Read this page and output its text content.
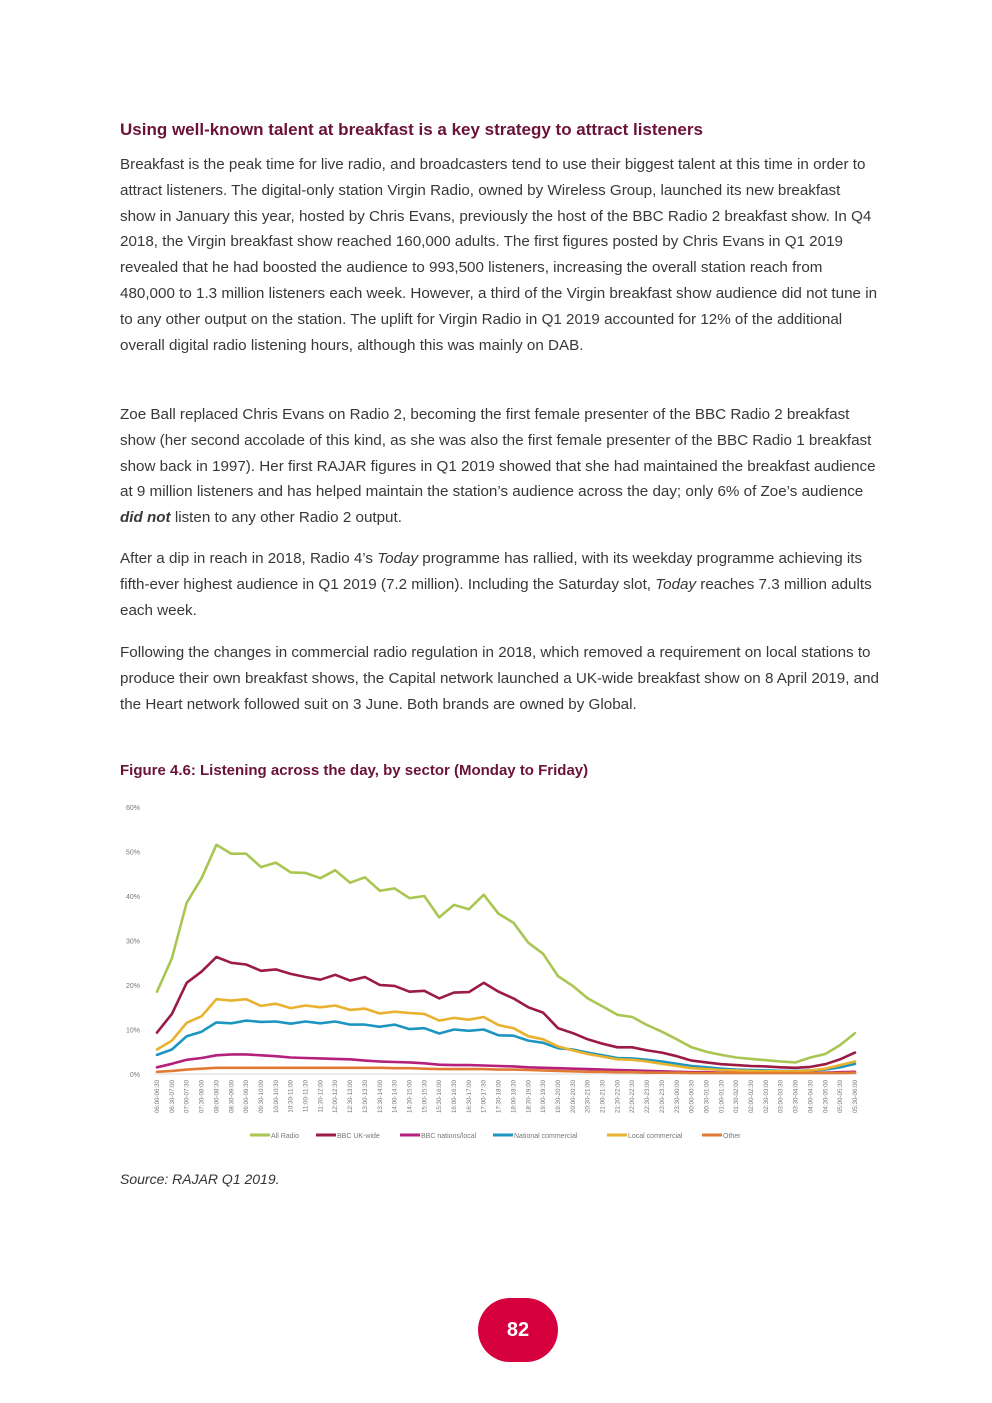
Using well-known talent at breakfast is a key strategy to attract listeners

Breakfast is the peak time for live radio, and broadcasters tend to use their biggest talent at this time in order to attract listeners. The digital-only station Virgin Radio, owned by Wireless Group, launched its new breakfast show in January this year, hosted by Chris Evans, previously the host of the BBC Radio 2 breakfast show. In Q4 2018, the Virgin breakfast show reached 160,000 adults. The first figures posted by Chris Evans in Q1 2019 revealed that he had boosted the audience to 993,500 listeners, increasing the overall station reach from 480,000 to 1.3 million listeners each week. However, a third of the Virgin breakfast show audience did not tune in to any other output on the station. The uplift for Virgin Radio in Q1 2019 accounted for 12% of the additional overall digital radio listening hours, although this was mainly on DAB.

Zoe Ball replaced Chris Evans on Radio 2, becoming the first female presenter of the BBC Radio 2 breakfast show (her second accolade of this kind, as she was also the first female presenter of the BBC Radio 1 breakfast show back in 1997). Her first RAJAR figures in Q1 2019 showed that she had maintained the breakfast audience at 9 million listeners and has helped maintain the station’s audience across the day; only 6% of Zoe’s audience did not listen to any other Radio 2 output.

After a dip in reach in 2018, Radio 4’s Today programme has rallied, with its weekday programme achieving its fifth-ever highest audience in Q1 2019 (7.2 million). Including the Saturday slot, Today reaches 7.3 million adults each week.

Following the changes in commercial radio regulation in 2018, which removed a requirement on local stations to produce their own breakfast shows, the Capital network launched a UK-wide breakfast show on 8 April 2019, and the Heart network followed suit on 3 June. Both brands are owned by Global.

Figure 4.6: Listening across the day, by sector (Monday to Friday)
0%
10%
20%
30%
40%
50%
60%
06:00-06:30 06:30-07:00 07:00-07:30 07:30-08:00 08:00-08:30 08:30-09:00 09:00-09:30 09:30-10:00 10:00-10:30 10:30-11:00 11:00-11:30 11:30-12:00 12:00-12:30 12:30-13:00 13:00-13:30 13:30-14:00 14:00-14:30 14:30-15:00 15:00-15:30 15:30-16:00 16:00-16:30 16:30-17:00 17:00-17:30 17:30-18:00 18:00-18:30 18:30-19:00 19:00-19:30 19:30-20:00 20:00-20:30 20:30-21:00 21:00-21:30 21:30-22:00 22:00-22:30 22:30-23:00 23:00-23:30 23:30-00:00 00:00-00:30 00:30-01:00 01:00-01:30 01:30-02:00 02:00-02:30 02:30-03:00 03:00-03:30 03:30-04:00 04:00-04:30 04:30-05:00 05:00-05:30 05:30-06:00
All Radio	BBC UK-wide	BBC nations/local	National commercial	Local commercial	Other
Source: RAJAR Q1 2019.
82
